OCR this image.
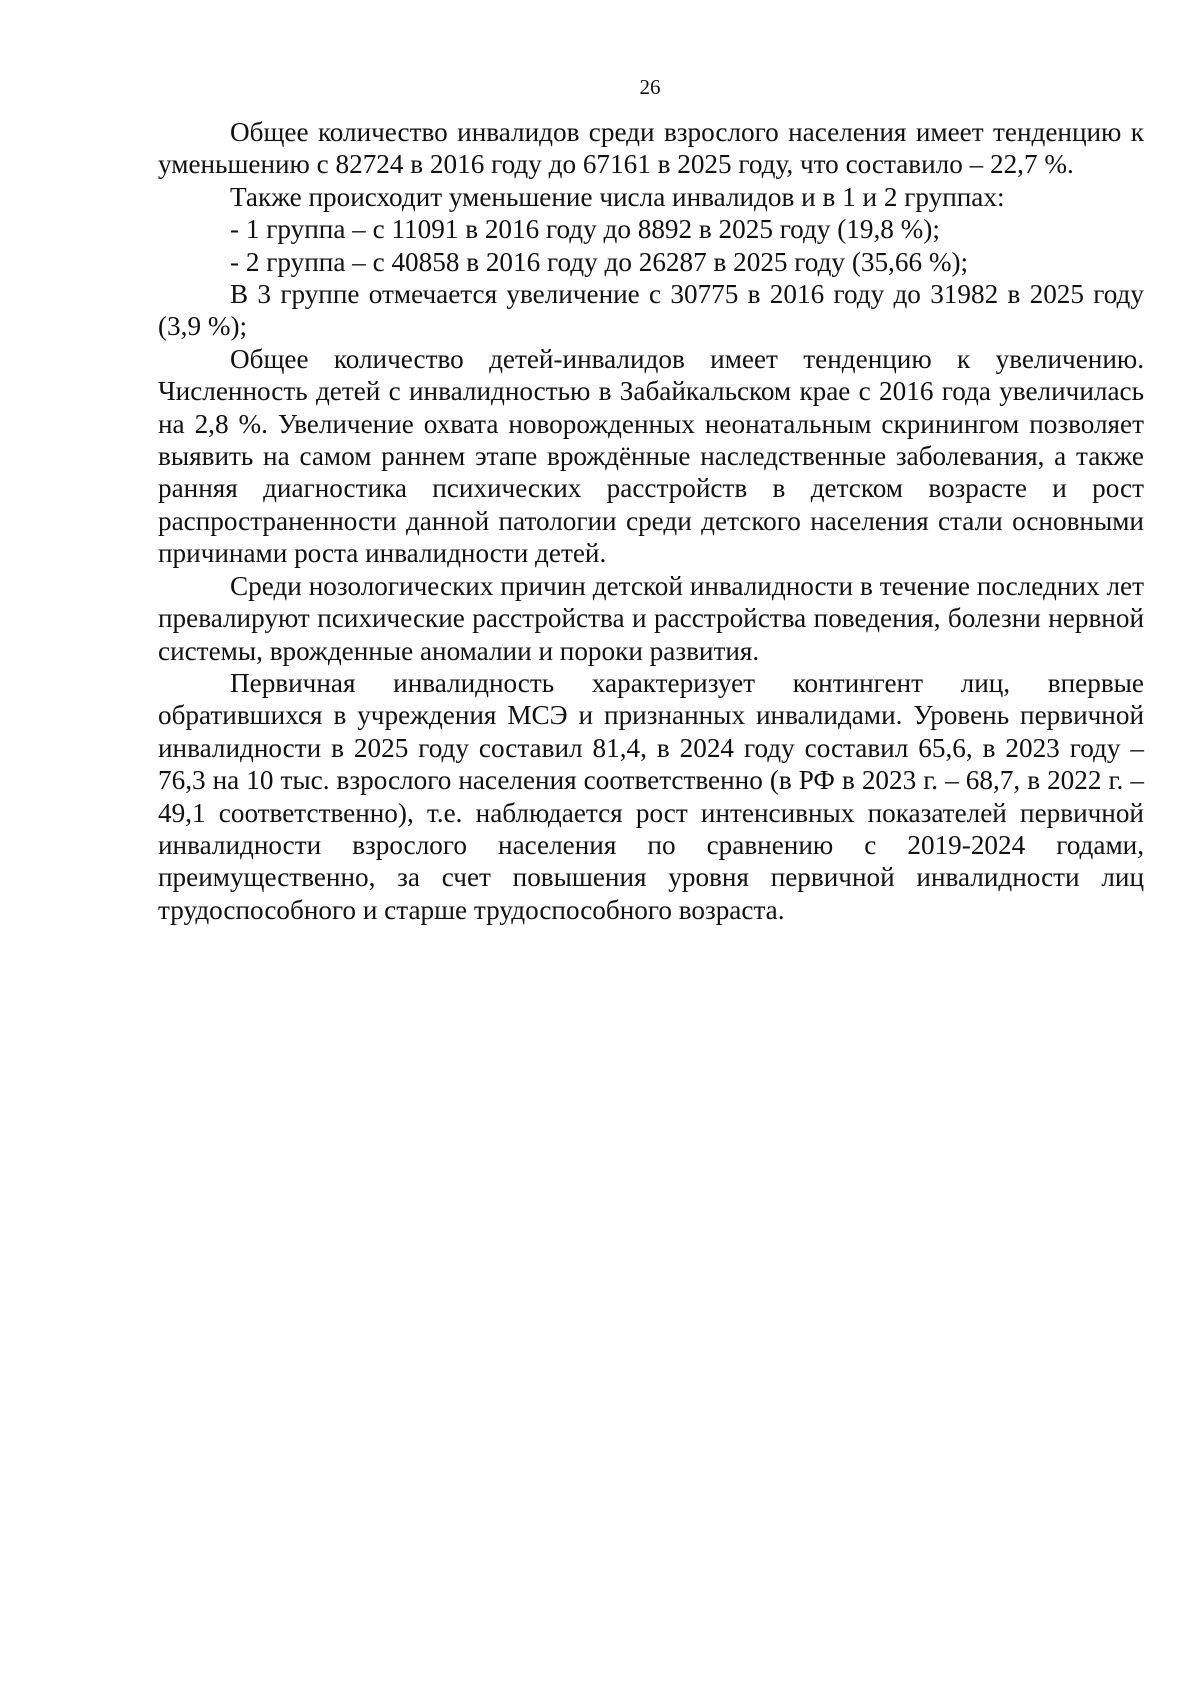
26

Общее количество инвалидов среди взрослого населения имеет тенденцию к уменьшению с 82724 в 2016 году до 67161 в 2025 году, что составило – 22,7 %.

Также происходит уменьшение числа инвалидов и в 1 и 2 группах:

- 1 группа – с 11091 в 2016 году до 8892 в 2025 году (19,8 %);

- 2 группа – с 40858 в 2016 году до 26287 в 2025 году (35,66 %);

В 3 группе отмечается увеличение с 30775 в 2016 году до 31982 в 2025 году (3,9 %);

Общее количество детей-инвалидов имеет тенденцию к увеличению. Численность детей с инвалидностью в Забайкальском крае с 2016 года увеличилась на 2,8 %. Увеличение охвата новорожденных неонатальным скринингом позволяет выявить на самом раннем этапе врождённые наследственные заболевания, а также ранняя диагностика психических расстройств в детском возрасте и рост распространенности данной патологии среди детского населения стали основными причинами роста инвалидности детей.

Среди нозологических причин детской инвалидности в течение последних лет превалируют психические расстройства и расстройства поведения, болезни нервной системы, врожденные аномалии и пороки развития.

Первичная инвалидность характеризует контингент лиц, впервые обратившихся в учреждения МСЭ и признанных инвалидами. Уровень первичной инвалидности в 2025 году составил 81,4, в 2024 году составил 65,6, в 2023 году – 76,3 на 10 тыс. взрослого населения соответственно (в РФ в 2023 г. – 68,7, в 2022 г. – 49,1 соответственно), т.е. наблюдается рост интенсивных показателей первичной инвалидности взрослого населения по сравнению с 2019-2024 годами, преимущественно, за счет повышения уровня первичной инвалидности лиц трудоспособного и старше трудоспособного возраста.
